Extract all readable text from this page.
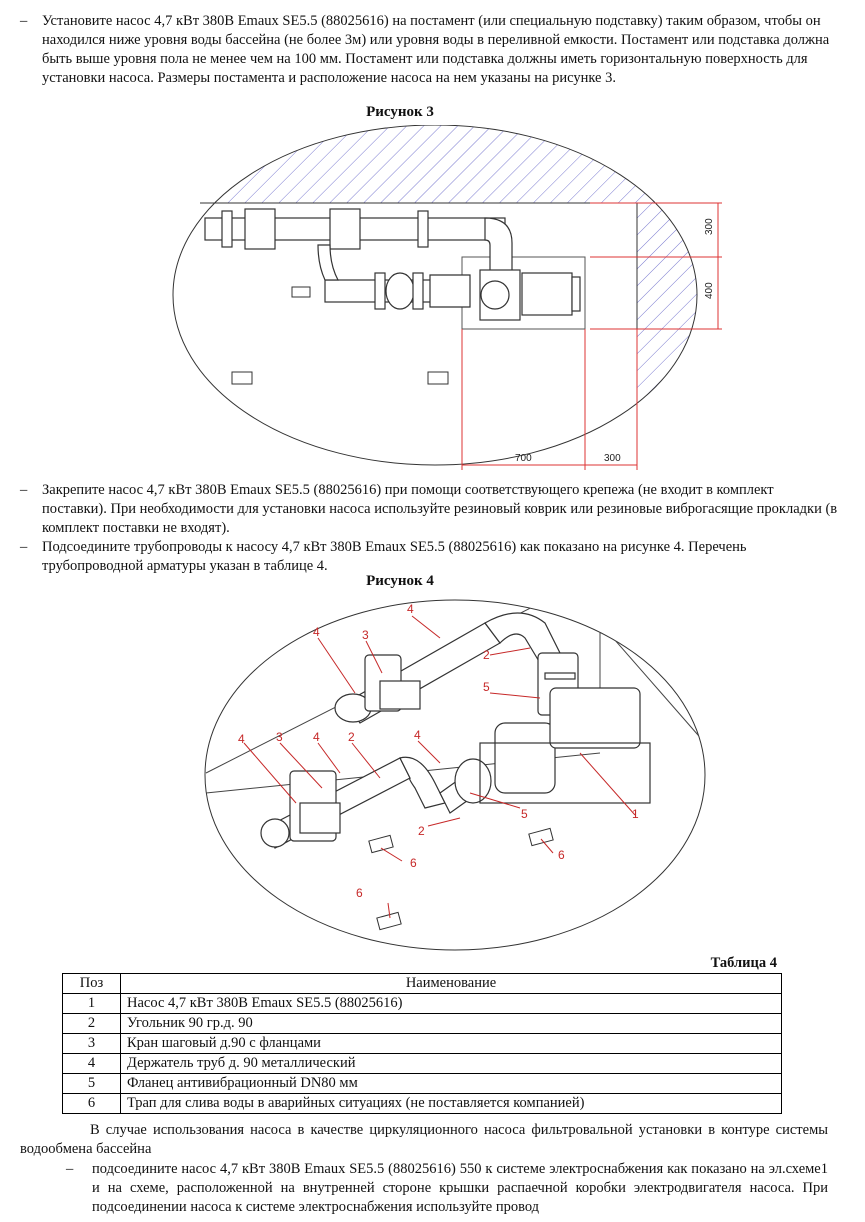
–	Установите насос 4,7 кВт 380В Emaux SE5.5 (88025616) на постамент (или специальную подставку) таким образом, чтобы он находился ниже уровня воды бассейна (не более 3м) или уровня воды в переливной емкости. Постамент или подставка должна быть выше уровня пола не менее чем на 100 мм. Постамент или подставка должны иметь горизонтальную поверхность для установки насоса. Размеры постамента и расположение насоса на нем указаны на рисунке 3.
Рисунок 3
300
400
700	300
–	Закрепите насос 4,7 кВт 380В Emaux SE5.5 (88025616) при помощи соответствующего крепежа (не входит в комплект поставки). При необходимости для установки насоса используйте резиновый коврик или резиновые виброгасящие прокладки (в комплект поставки не входят).
–	Подсоедините трубопроводы к насосу 4,7 кВт 380В Emaux SE5.5 (88025616) как показано на рисунке 4. Перечень трубопроводной арматуры указан в таблице 4.
Рисунок 4
4	3
4
2
5
4	3	4 2	4
2
5	1
6
6
6
Таблица 4
Поз	Наименование
1	Насос 4,7 кВт 380В Emaux SE5.5 (88025616)
2	Угольник 90 гр.д. 90
3	Кран шаговый д.90 с фланцами
4	Держатель труб д. 90 металлический
5	Фланец антивибрационный DN80 мм
6	Трап для слива воды в аварийных ситуациях (не поставляется компанией)
В случае использования насоса в качестве циркуляционного насоса фильтровальной установки в контуре системы водообмена бассейна
–	подсоедините насос 4,7 кВт 380В Emaux SE5.5 (88025616) 550 к системе электроснабжения как показано на эл.схеме1 и на схеме, расположенной на внутренней стороне крышки распаечной коробки электродвигателя насоса. При подсоединении насоса к системе электроснабжения используйте провод
